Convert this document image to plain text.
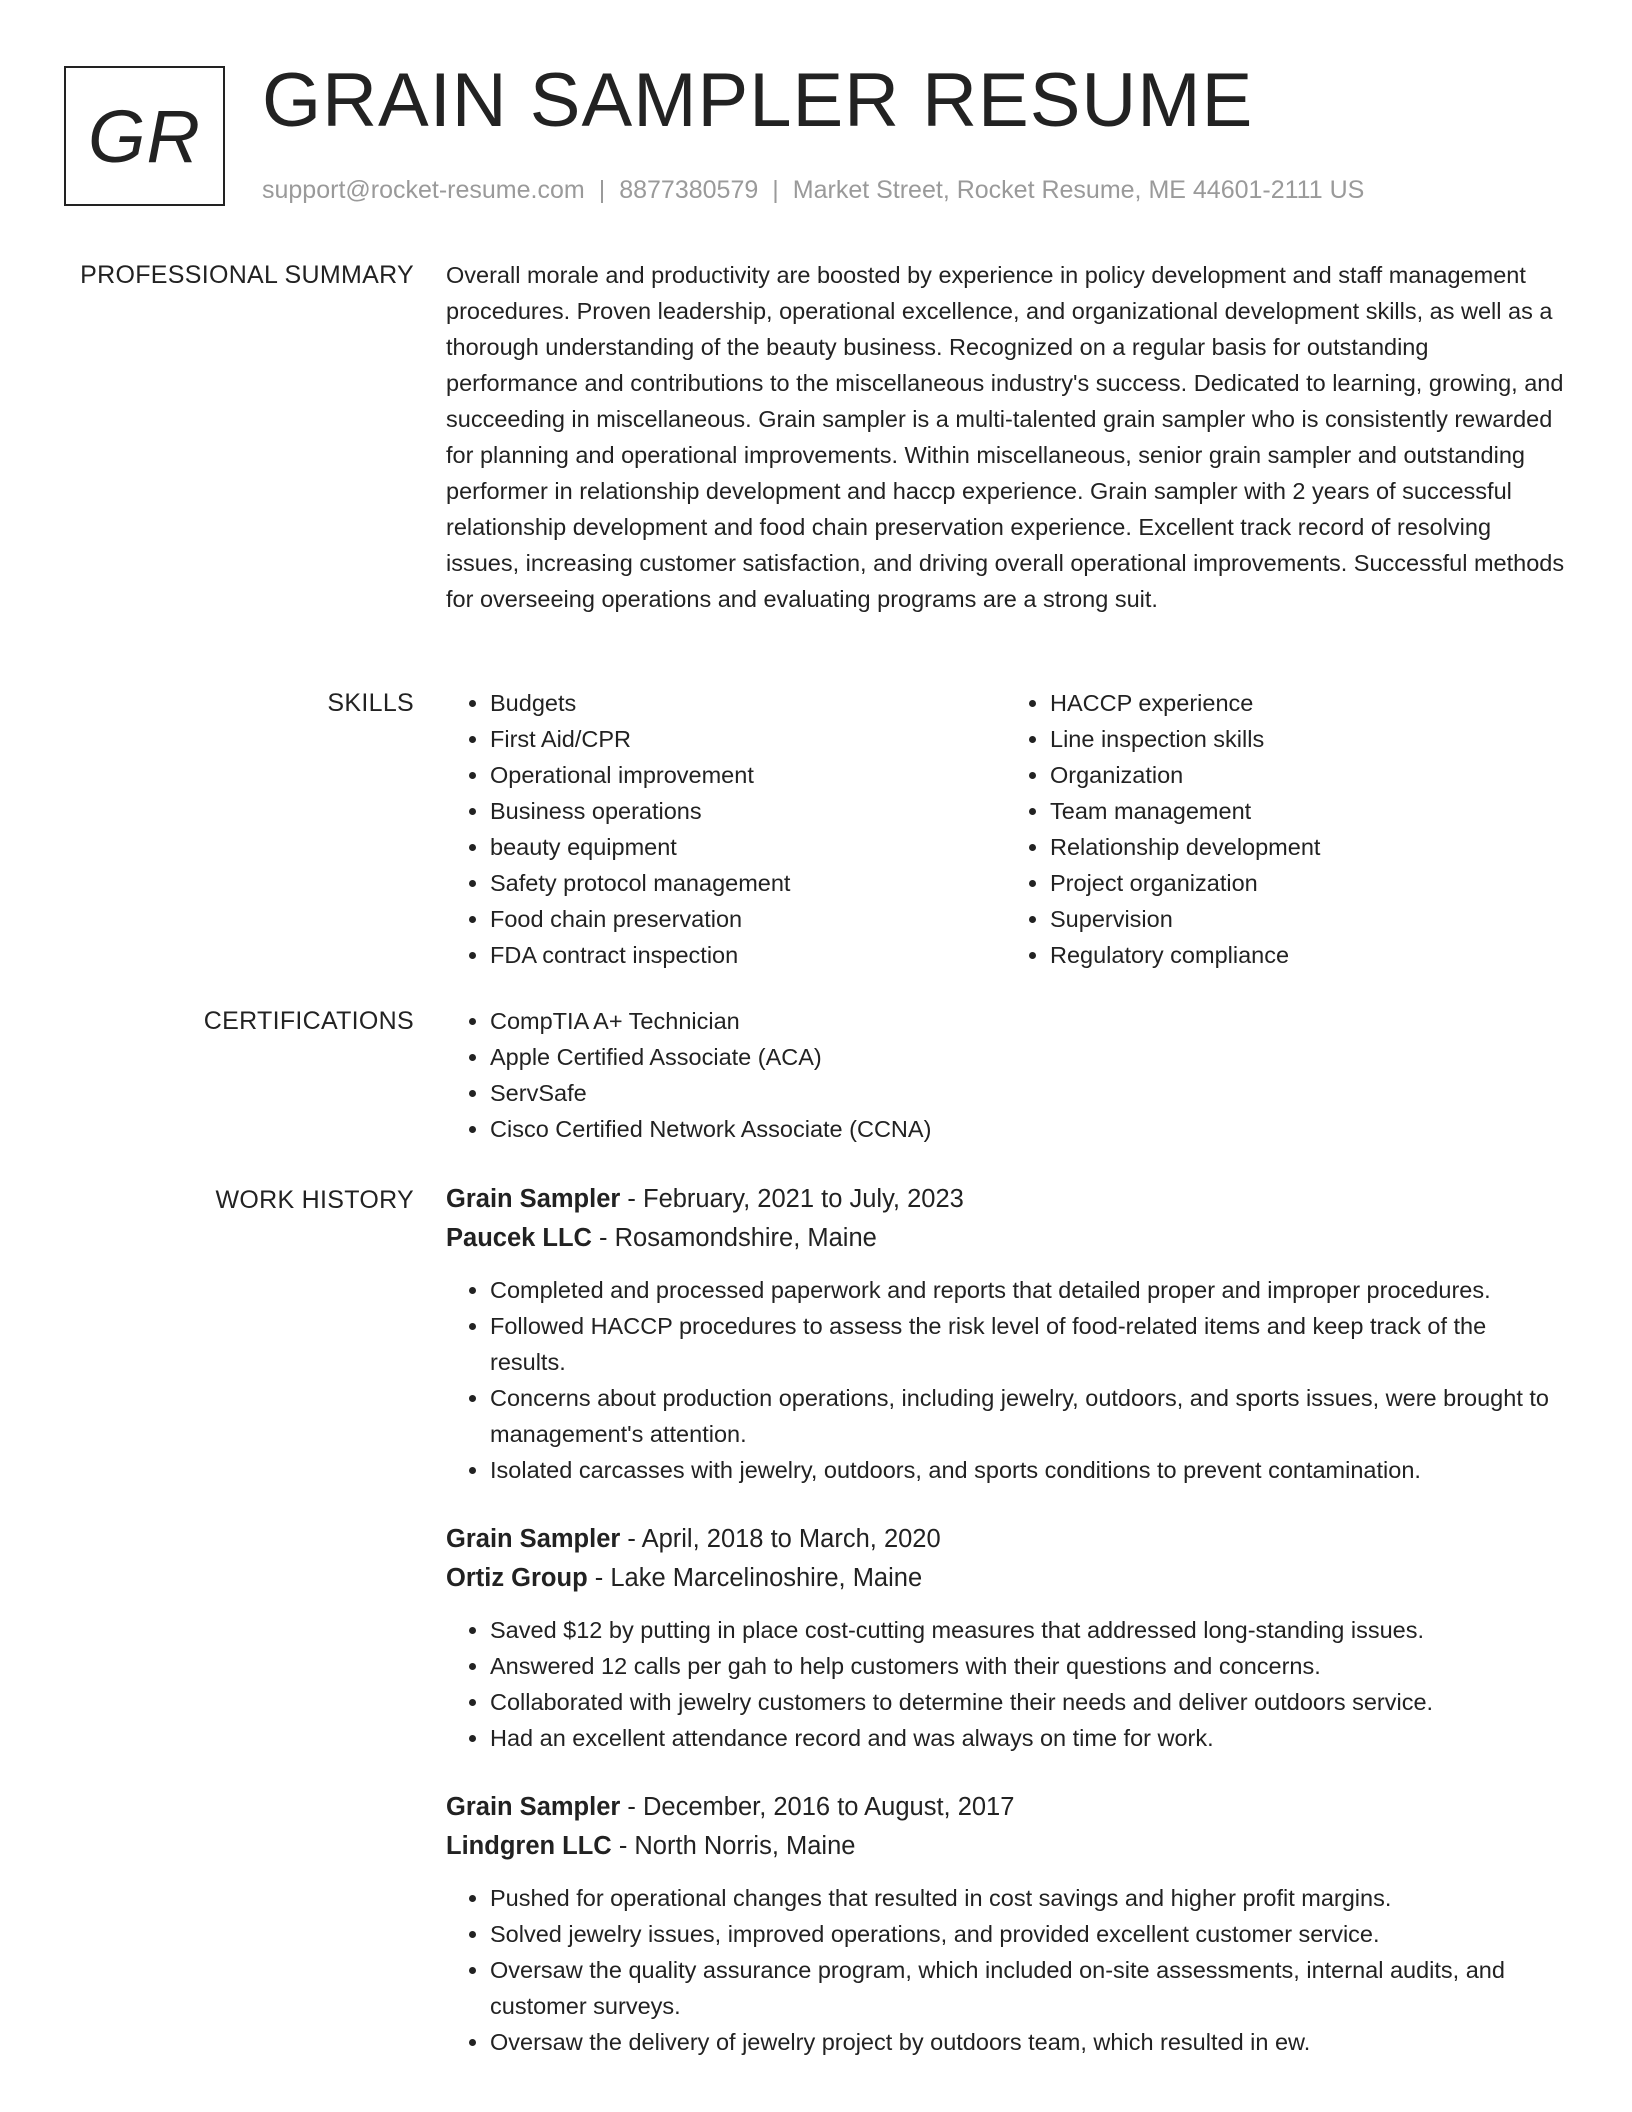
GR GRAIN SAMPLER RESUME
support@rocket-resume.com | 8877380579 | Market Street, Rocket Resume, ME 44601-2111 US
PROFESSIONAL SUMMARY Overall morale and productivity are boosted by experience in policy development and staff management procedures. Proven leadership, operational excellence, and organizational development skills, as well as a thorough understanding of the beauty business. Recognized on a regular basis for outstanding performance and contributions to the miscellaneous industry's success. Dedicated to learning, growing, and succeeding in miscellaneous. Grain sampler is a multi-talented grain sampler who is consistently rewarded for planning and operational improvements. Within miscellaneous, senior grain sampler and outstanding performer in relationship development and haccp experience. Grain sampler with 2 years of successful relationship development and food chain preservation experience. Excellent track record of resolving issues, increasing customer satisfaction, and driving overall operational improvements. Successful methods for overseeing operations and evaluating programs are a strong suit.

SKILLS	• Budgets
• First Aid/CPR
• Operational improvement
• Business operations
• beauty equipment
• Safety protocol management
• Food chain preservation
• FDA contract inspection
• HACCP experience
• Line inspection skills
• Organization
• Team management
• Relationship development
• Project organization
• Supervision
• Regulatory compliance
CERTIFICATIONS	• CompTIA A+ Technician
• Apple Certified Associate (ACA)
• ServSafe
• Cisco Certified Network Associate (CCNA)
WORK HISTORY Grain Sampler - February, 2021 to July, 2023
Paucek LLC - Rosamondshire, Maine
• Completed and processed paperwork and reports that detailed proper and improper procedures.
• Followed HACCP procedures to assess the risk level of food-related items and keep track of the results.
• Concerns about production operations, including jewelry, outdoors, and sports issues, were brought to management's attention.
• Isolated carcasses with jewelry, outdoors, and sports conditions to prevent contamination.
Grain Sampler - April, 2018 to March, 2020
Ortiz Group - Lake Marcelinoshire, Maine
• Saved $12 by putting in place cost-cutting measures that addressed long-standing issues.
• Answered 12 calls per gah to help customers with their questions and concerns.
• Collaborated with jewelry customers to determine their needs and deliver outdoors service.
• Had an excellent attendance record and was always on time for work.
Grain Sampler - December, 2016 to August, 2017
Lindgren LLC - North Norris, Maine
• Pushed for operational changes that resulted in cost savings and higher profit margins.
• Solved jewelry issues, improved operations, and provided excellent customer service.
• Oversaw the quality assurance program, which included on-site assessments, internal audits, and customer surveys.
• Oversaw the delivery of jewelry project by outdoors team, which resulted in ew.
